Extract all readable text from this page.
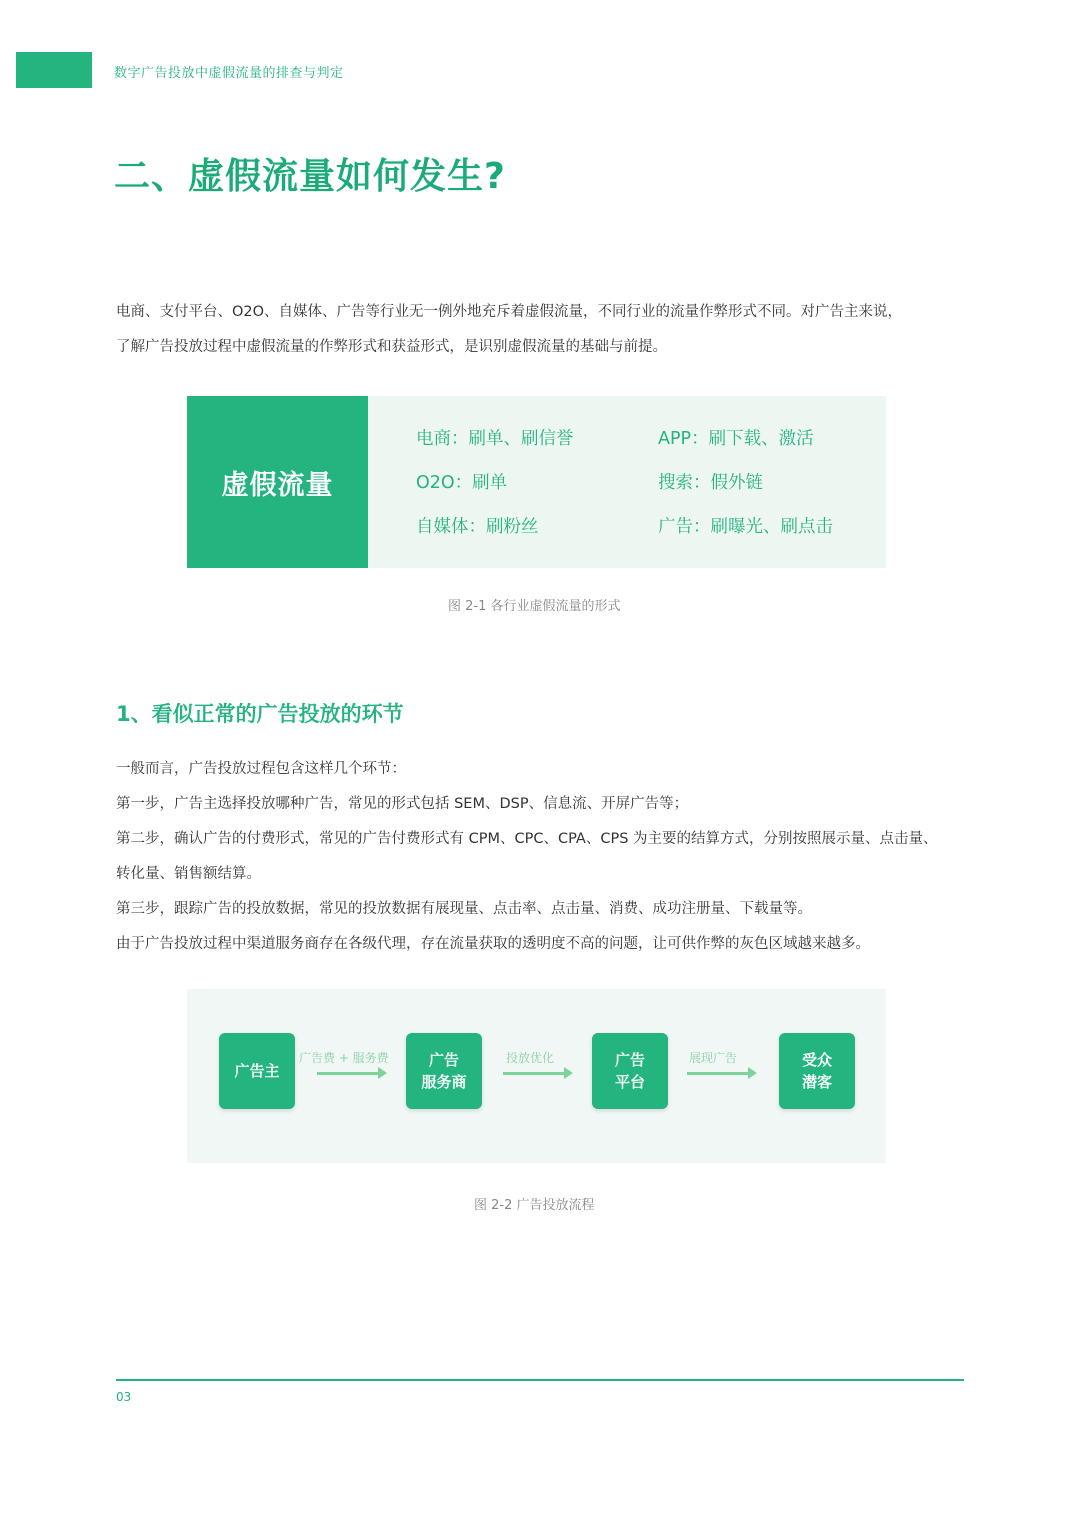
数字广告投放中虚假流量的排查与判定
二、虚假流量如何发生?

电商、支付平台、O2O、自媒体、广告等行业无一例外地充斥着虚假流量，不同行业的流量作弊形式不同。对广告主来说，

了解广告投放过程中虚假流量的作弊形式和获益形式，是识别虚假流量的基础与前提。

虚假流量
电商：刷单、刷信誉	APP：刷下载、激活
O2O：刷单	搜索：假外链
自媒体：刷粉丝	广告：刷曝光、刷点击
图 2-1 各行业虚假流量的形式
1、看似正常的广告投放的环节

一般而言，广告投放过程包含这样几个环节：

第一步，广告主选择投放哪种广告，常见的形式包括 SEM、DSP、信息流、开屏广告等；

第二步，确认广告的付费形式，常见的广告付费形式有 CPM、CPC、CPA、CPS 为主要的结算方式，分别按照展示量、点击量、

转化量、销售额结算。

第三步，跟踪广告的投放数据，常见的投放数据有展现量、点击率、点击量、消费、成功注册量、下载量等。

由于广告投放过程中渠道服务商存在各级代理，存在流量获取的透明度不高的问题，让可供作弊的灰色区域越来越多。

广告主
广告费 + 服务费	广告
服务商
投放优化	广告
平台
展现广告	受众
潜客
图 2-2 广告投放流程
03
